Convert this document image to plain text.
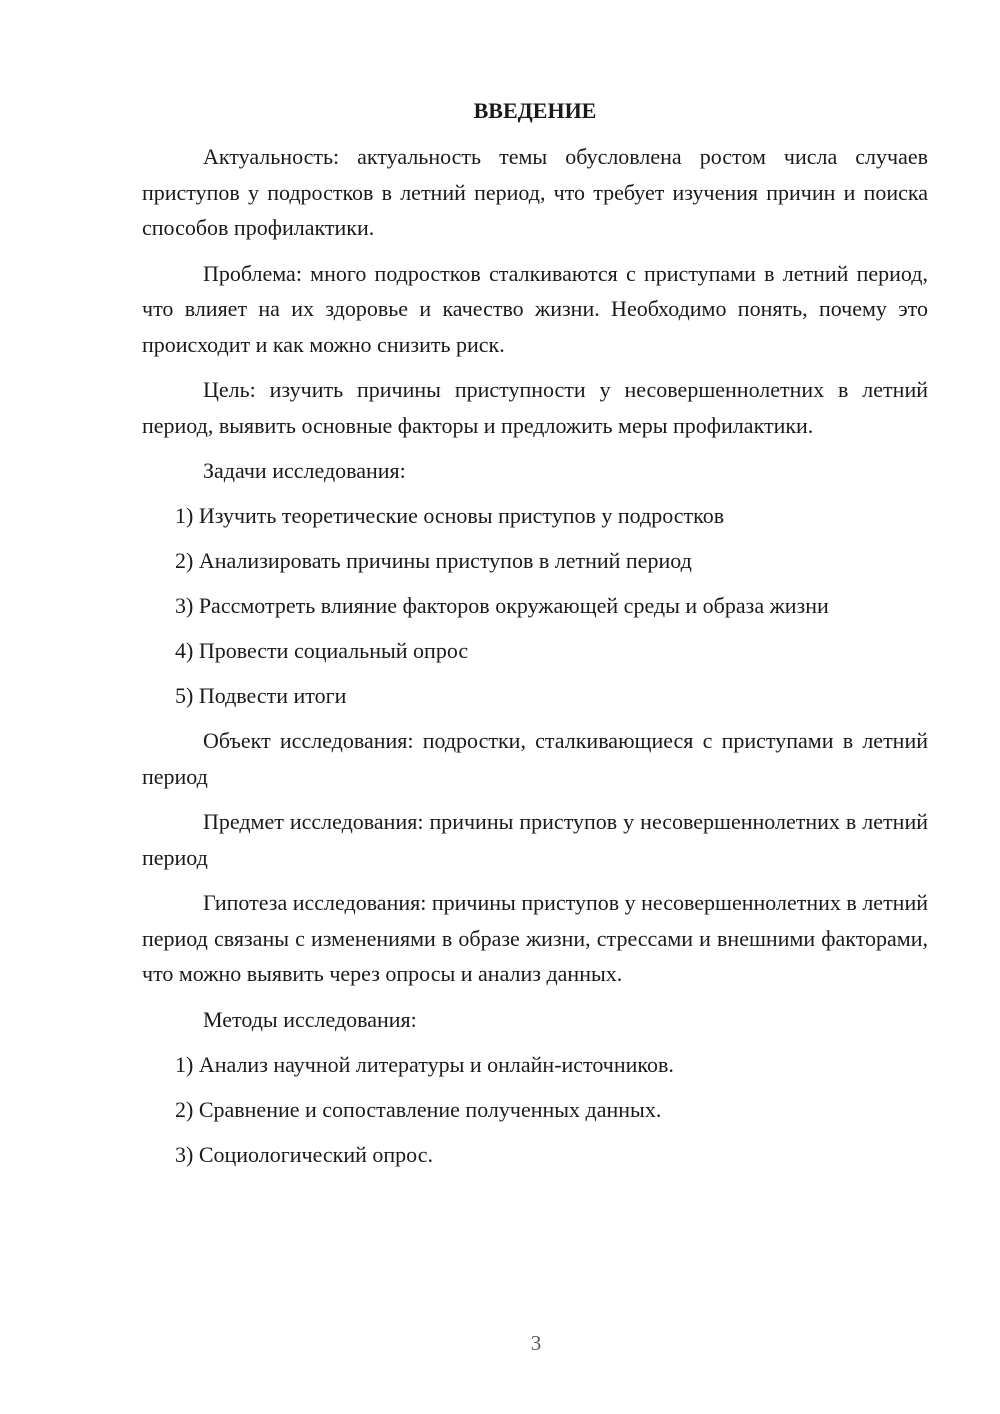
ВВЕДЕНИЕ

Актуальность: актуальность темы обусловлена ростом числа случаев приступов у подростков в летний период, что требует изучения причин и поиска способов профилактики.

Проблема: много подростков сталкиваются с приступами в летний период, что влияет на их здоровье и качество жизни. Необходимо понять, почему это происходит и как можно снизить риск.

Цель: изучить причины приступности у несовершеннолетних в летний период, выявить основные факторы и предложить меры профилактики.

Задачи исследования:

1) Изучить теоретические основы приступов у подростков
2) Анализировать причины приступов в летний период
3) Рассмотреть влияние факторов окружающей среды и образа жизни
4) Провести социальный опрос
5) Подвести итоги

Объект исследования: подростки, сталкивающиеся с приступами в летний период

Предмет исследования: причины приступов у несовершеннолетних в летний период

Гипотеза исследования: причины приступов у несовершеннолетних в летний период связаны с изменениями в образе жизни, стрессами и внешними факторами, что можно выявить через опросы и анализ данных.

Методы исследования:

1) Анализ научной литературы и онлайн-источников.
2) Сравнение и сопоставление полученных данных.
3) Социологический опрос.
3
